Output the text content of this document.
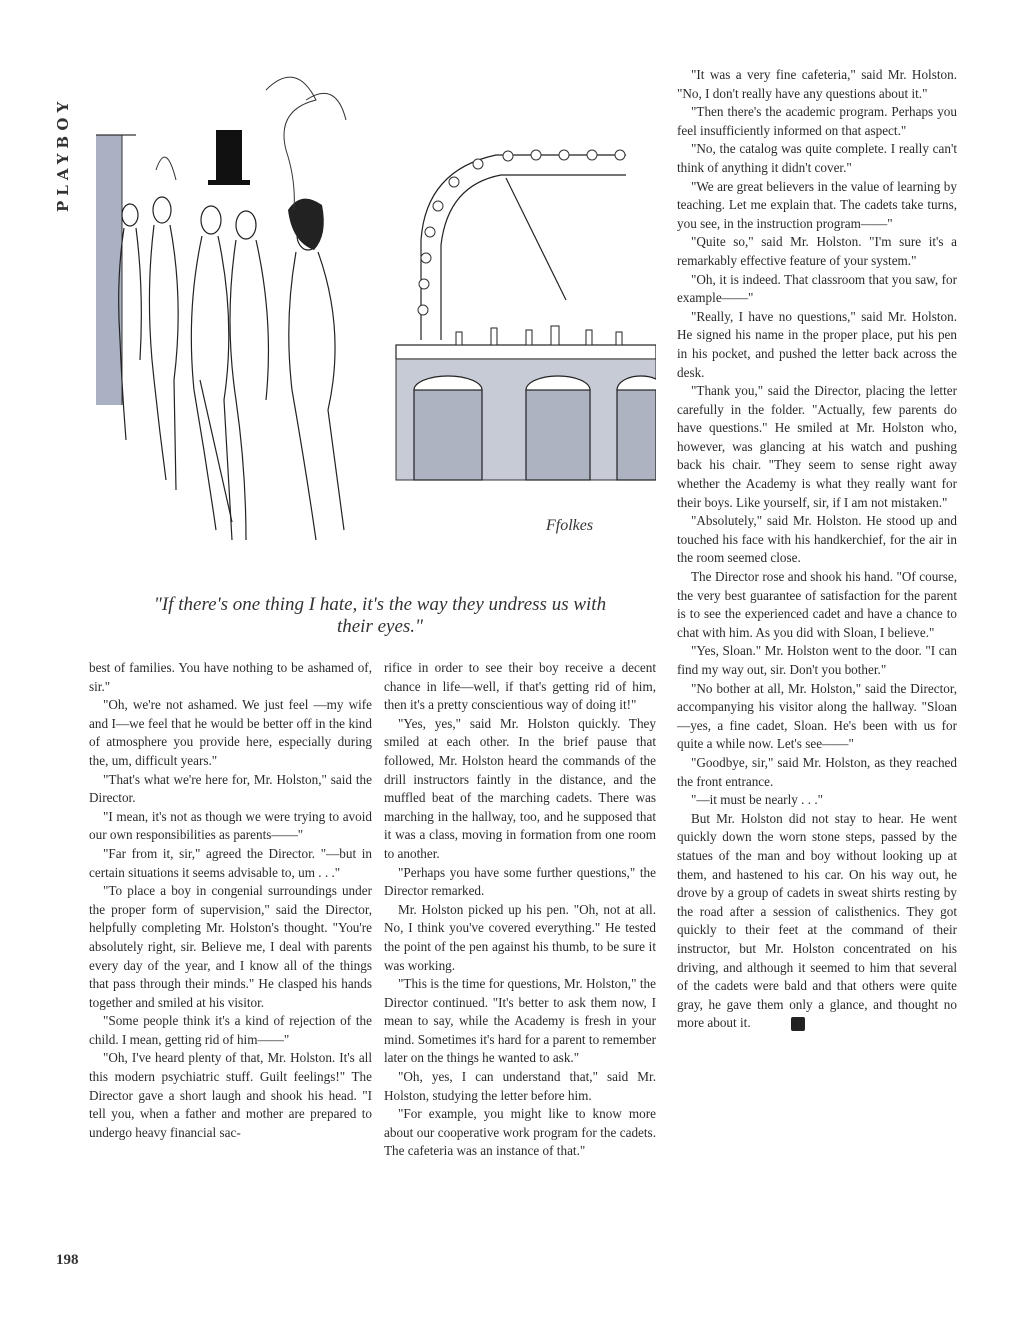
PLAYBOY
Ffolkes
"If there's one thing I hate, it's the way they undress us with their eyes."

best of families. You have nothing to be ashamed of, sir."

"Oh, we're not ashamed. We just feel —my wife and I—we feel that he would be better off in the kind of atmosphere you provide here, especially during the, um, difficult years."

"That's what we're here for, Mr. Holston," said the Director.

"I mean, it's not as though we were trying to avoid our own responsibilities as parents——"

"Far from it, sir," agreed the Director. "—but in certain situations it seems advisable to, um . . ."

"To place a boy in congenial surroundings under the proper form of supervision," said the Director, helpfully completing Mr. Holston's thought. "You're absolutely right, sir. Believe me, I deal with parents every day of the year, and I know all of the things that pass through their minds." He clasped his hands together and smiled at his visitor.

"Some people think it's a kind of rejection of the child. I mean, getting rid of him——"

"Oh, I've heard plenty of that, Mr. Holston. It's all this modern psychiatric stuff. Guilt feelings!" The Director gave a short laugh and shook his head. "I tell you, when a father and mother are prepared to undergo heavy financial sac-

rifice in order to see their boy receive a decent chance in life—well, if that's getting rid of him, then it's a pretty conscientious way of doing it!"

"Yes, yes," said Mr. Holston quickly. They smiled at each other. In the brief pause that followed, Mr. Holston heard the commands of the drill instructors faintly in the distance, and the muffled beat of the marching cadets. There was marching in the hallway, too, and he supposed that it was a class, moving in formation from one room to another.

"Perhaps you have some further questions," the Director remarked.

Mr. Holston picked up his pen. "Oh, not at all. No, I think you've covered everything." He tested the point of the pen against his thumb, to be sure it was working.

"This is the time for questions, Mr. Holston," the Director continued. "It's better to ask them now, I mean to say, while the Academy is fresh in your mind. Sometimes it's hard for a parent to remember later on the things he wanted to ask."

"Oh, yes, I can understand that," said Mr. Holston, studying the letter before him.

"For example, you might like to know more about our cooperative work program for the cadets. The cafeteria was an instance of that."

"It was a very fine cafeteria," said Mr. Holston. "No, I don't really have any questions about it."

"Then there's the academic program. Perhaps you feel insufficiently informed on that aspect."

"No, the catalog was quite complete. I really can't think of anything it didn't cover."

"We are great believers in the value of learning by teaching. Let me explain that. The cadets take turns, you see, in the instruction program——"

"Quite so," said Mr. Holston. "I'm sure it's a remarkably effective feature of your system."

"Oh, it is indeed. That classroom that you saw, for example——"

"Really, I have no questions," said Mr. Holston. He signed his name in the proper place, put his pen in his pocket, and pushed the letter back across the desk.

"Thank you," said the Director, placing the letter carefully in the folder. "Actually, few parents do have questions." He smiled at Mr. Holston who, however, was glancing at his watch and pushing back his chair. "They seem to sense right away whether the Academy is what they really want for their boys. Like yourself, sir, if I am not mistaken."

"Absolutely," said Mr. Holston. He stood up and touched his face with his handkerchief, for the air in the room seemed close.

The Director rose and shook his hand. "Of course, the very best guarantee of satisfaction for the parent is to see the experienced cadet and have a chance to chat with him. As you did with Sloan, I believe."

"Yes, Sloan." Mr. Holston went to the door. "I can find my way out, sir. Don't you bother."

"No bother at all, Mr. Holston," said the Director, accompanying his visitor along the hallway. "Sloan—yes, a fine cadet, Sloan. He's been with us for quite a while now. Let's see——"

"Goodbye, sir," said Mr. Holston, as they reached the front entrance.

"—it must be nearly . . ."

But Mr. Holston did not stay to hear. He went quickly down the worn stone steps, passed by the statues of the man and boy without looking up at them, and hastened to his car. On his way out, he drove by a group of cadets in sweat shirts resting by the road after a session of calisthenics. They got quickly to their feet at the command of their instructor, but Mr. Holston concentrated on his driving, and although it seemed to him that several of the cadets were bald and that others were quite gray, he gave them only a glance, and thought no more about it.	♦

198
